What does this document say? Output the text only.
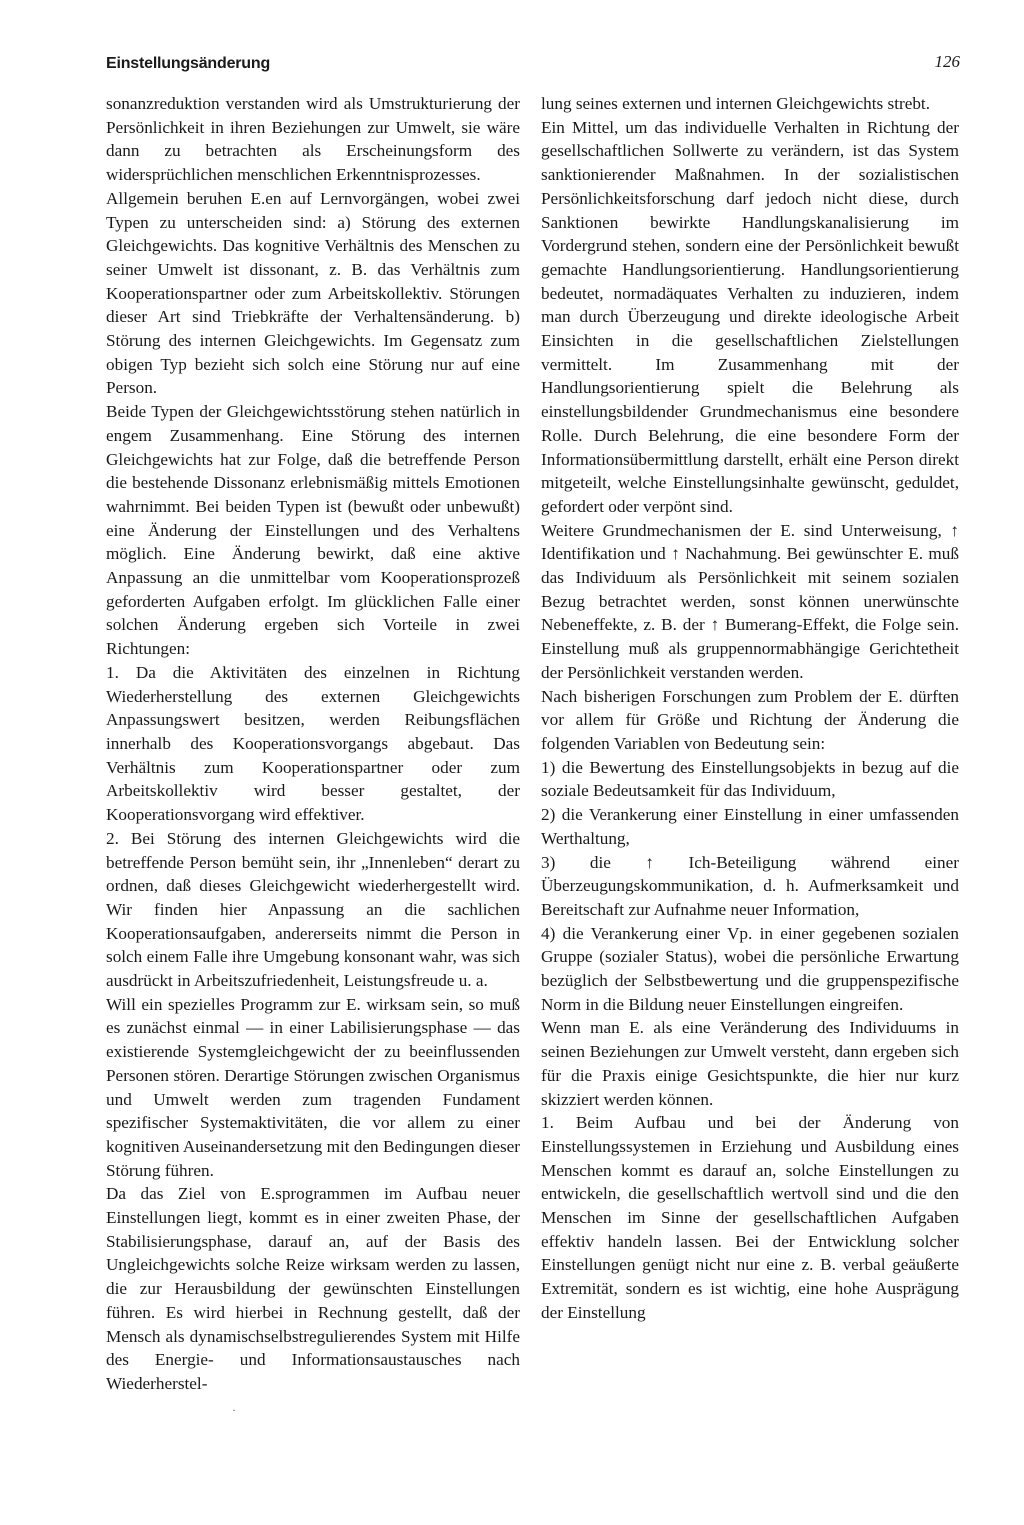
Einstellungsänderung	126

sonanzreduktion verstanden wird als Umstrukturierung der Persönlichkeit in ihren Beziehungen zur Umwelt, sie wäre dann zu betrachten als Erscheinungsform des widersprüchlichen menschlichen Erkenntnisprozesses.

Allgemein beruhen E.en auf Lernvorgängen, wobei zwei Typen zu unterscheiden sind: a) Störung des externen Gleichgewichts. Das kognitive Verhältnis des Menschen zu seiner Umwelt ist dissonant, z. B. das Verhältnis zum Kooperationspartner oder zum Arbeitskollektiv. Störungen dieser Art sind Triebkräfte der Verhaltensänderung. b) Störung des internen Gleichgewichts. Im Gegensatz zum obigen Typ bezieht sich solch eine Störung nur auf eine Person.

Beide Typen der Gleichgewichtsstörung stehen natürlich in engem Zusammenhang. Eine Störung des internen Gleichgewichts hat zur Folge, daß die betreffende Person die bestehende Dissonanz erlebnismäßig mittels Emotionen wahrnimmt. Bei beiden Typen ist (bewußt oder unbewußt) eine Änderung der Einstellungen und des Verhaltens möglich. Eine Änderung bewirkt, daß eine aktive Anpassung an die unmittelbar vom Kooperationsprozeß geforderten Aufgaben erfolgt. Im glücklichen Falle einer solchen Änderung ergeben sich Vorteile in zwei Richtungen:

1. Da die Aktivitäten des einzelnen in Richtung Wiederherstellung des externen Gleichgewichts Anpassungswert besitzen, werden Reibungsflächen innerhalb des Kooperationsvorgangs abgebaut. Das Verhältnis zum Kooperationspartner oder zum Arbeitskollektiv wird besser gestaltet, der Kooperationsvorgang wird effektiver.

2. Bei Störung des internen Gleichgewichts wird die betreffende Person bemüht sein, ihr „Innenleben“ derart zu ordnen, daß dieses Gleichgewicht wiederhergestellt wird. Wir finden hier Anpassung an die sachlichen Kooperationsaufgaben, andererseits nimmt die Person in solch einem Falle ihre Umgebung konsonant wahr, was sich ausdrückt in Arbeitszufriedenheit, Leistungsfreude u. a.

Will ein spezielles Programm zur E. wirksam sein, so muß es zunächst einmal — in einer Labilisierungsphase — das existierende Systemgleichgewicht der zu beeinflussenden Personen stören. Derartige Störungen zwischen Organismus und Umwelt werden zum tragenden Fundament spezifischer Systemaktivitäten, die vor allem zu einer kognitiven Auseinandersetzung mit den Bedingungen dieser Störung führen.

Da das Ziel von E.sprogrammen im Aufbau neuer Einstellungen liegt, kommt es in einer zweiten Phase, der Stabilisierungsphase, darauf an, auf der Basis des Ungleichgewichts solche Reize wirksam werden zu lassen, die zur Herausbildung der gewünschten Einstellungen führen. Es wird hierbei in Rechnung gestellt, daß der Mensch als dynamischselbstregulierendes System mit Hilfe des Energie- und Informationsaustausches nach Wiederherstel-

lung seines externen und internen Gleichgewichts strebt.

Ein Mittel, um das individuelle Verhalten in Richtung der gesellschaftlichen Sollwerte zu verändern, ist das System sanktionierender Maßnahmen. In der sozialistischen Persönlichkeitsforschung darf jedoch nicht diese, durch Sanktionen bewirkte Handlungskanalisierung im Vordergrund stehen, sondern eine der Persönlichkeit bewußt gemachte Handlungsorientierung. Handlungsorientierung bedeutet, normadäquates Verhalten zu induzieren, indem man durch Überzeugung und direkte ideologische Arbeit Einsichten in die gesellschaftlichen Zielstellungen vermittelt. Im Zusammenhang mit der Handlungsorientierung spielt die Belehrung als einstellungsbildender Grundmechanismus eine besondere Rolle. Durch Belehrung, die eine besondere Form der Informationsübermittlung darstellt, erhält eine Person direkt mitgeteilt, welche Einstellungsinhalte gewünscht, geduldet, gefordert oder verpönt sind.

Weitere Grundmechanismen der E. sind Unterweisung, ↑ Identifikation und ↑ Nachahmung. Bei gewünschter E. muß das Individuum als Persönlichkeit mit seinem sozialen Bezug betrachtet werden, sonst können unerwünschte Nebeneffekte, z. B. der ↑ Bumerang-Effekt, die Folge sein. Einstellung muß als gruppennormabhängige Gerichtetheit der Persönlichkeit verstanden werden.

Nach bisherigen Forschungen zum Problem der E. dürften vor allem für Größe und Richtung der Änderung die folgenden Variablen von Bedeutung sein:

1) die Bewertung des Einstellungsobjekts in bezug auf die soziale Bedeutsamkeit für das Individuum,

2) die Verankerung einer Einstellung in einer umfassenden Werthaltung,

3) die ↑ Ich-Beteiligung während einer Überzeugungskommunikation, d. h. Aufmerksamkeit und Bereitschaft zur Aufnahme neuer Information,

4) die Verankerung einer Vp. in einer gegebenen sozialen Gruppe (sozialer Status), wobei die persönliche Erwartung bezüglich der Selbstbewertung und die gruppenspezifische Norm in die Bildung neuer Einstellungen eingreifen.

Wenn man E. als eine Veränderung des Individuums in seinen Beziehungen zur Umwelt versteht, dann ergeben sich für die Praxis einige Gesichtspunkte, die hier nur kurz skizziert werden können.

1. Beim Aufbau und bei der Änderung von Einstellungssystemen in Erziehung und Ausbildung eines Menschen kommt es darauf an, solche Einstellungen zu entwickeln, die gesellschaftlich wertvoll sind und die den Menschen im Sinne der gesellschaftlichen Aufgaben effektiv handeln lassen. Bei der Entwicklung solcher Einstellungen genügt nicht nur eine z. B. verbal geäußerte Extremität, sondern es ist wichtig, eine hohe Ausprägung der Einstellung

·
